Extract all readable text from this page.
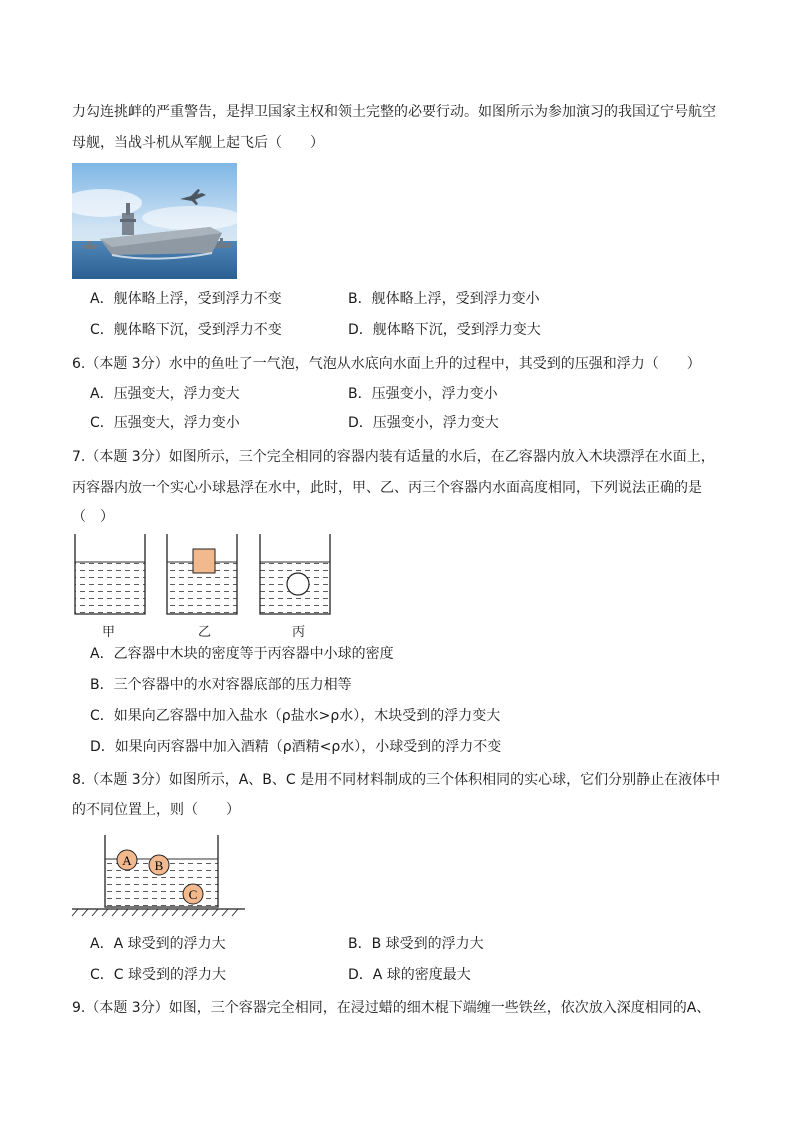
力勾连挑衅的严重警告，是捍卫国家主权和领土完整的必要行动。如图所示为参加演习的我国辽宁号航空
母舰，当战斗机从军舰上起飞后（　　）
A．舰体略上浮，受到浮力不变	B．舰体略上浮，受到浮力变小
C．舰体略下沉，受到浮力不变	D．舰体略下沉，受到浮力变大
6.（本题 3分）水中的鱼吐了一气泡，气泡从水底向水面上升的过程中，其受到的压强和浮力（　　）
A．压强变大，浮力变大	B．压强变小，浮力变小
C．压强变大，浮力变小	D．压强变小，浮力变大
7.（本题 3分）如图所示，三个完全相同的容器内装有适量的水后，在乙容器内放入木块漂浮在水面上，
丙容器内放一个实心小球悬浮在水中，此时，甲、乙、丙三个容器内水面高度相同，下列说法正确的是
（　）
甲	乙	丙
A．乙容器中木块的密度等于丙容器中小球的密度
B．三个容器中的水对容器底部的压力相等
C．如果向乙容器中加入盐水（ρ盐水>ρ水），木块受到的浮力变大
D．如果向丙容器中加入酒精（ρ酒精<ρ水），小球受到的浮力不变
8.（本题 3分）如图所示，A、B、C 是用不同材料制成的三个体积相同的实心球，它们分别静止在液体中
的不同位置上，则（　　）
A B
C
A．A 球受到的浮力大	B．B 球受到的浮力大
C．C 球受到的浮力大	D．A 球的密度最大
9.（本题 3分）如图，三个容器完全相同，在浸过蜡的细木棍下端缠一些铁丝，依次放入深度相同的A、
